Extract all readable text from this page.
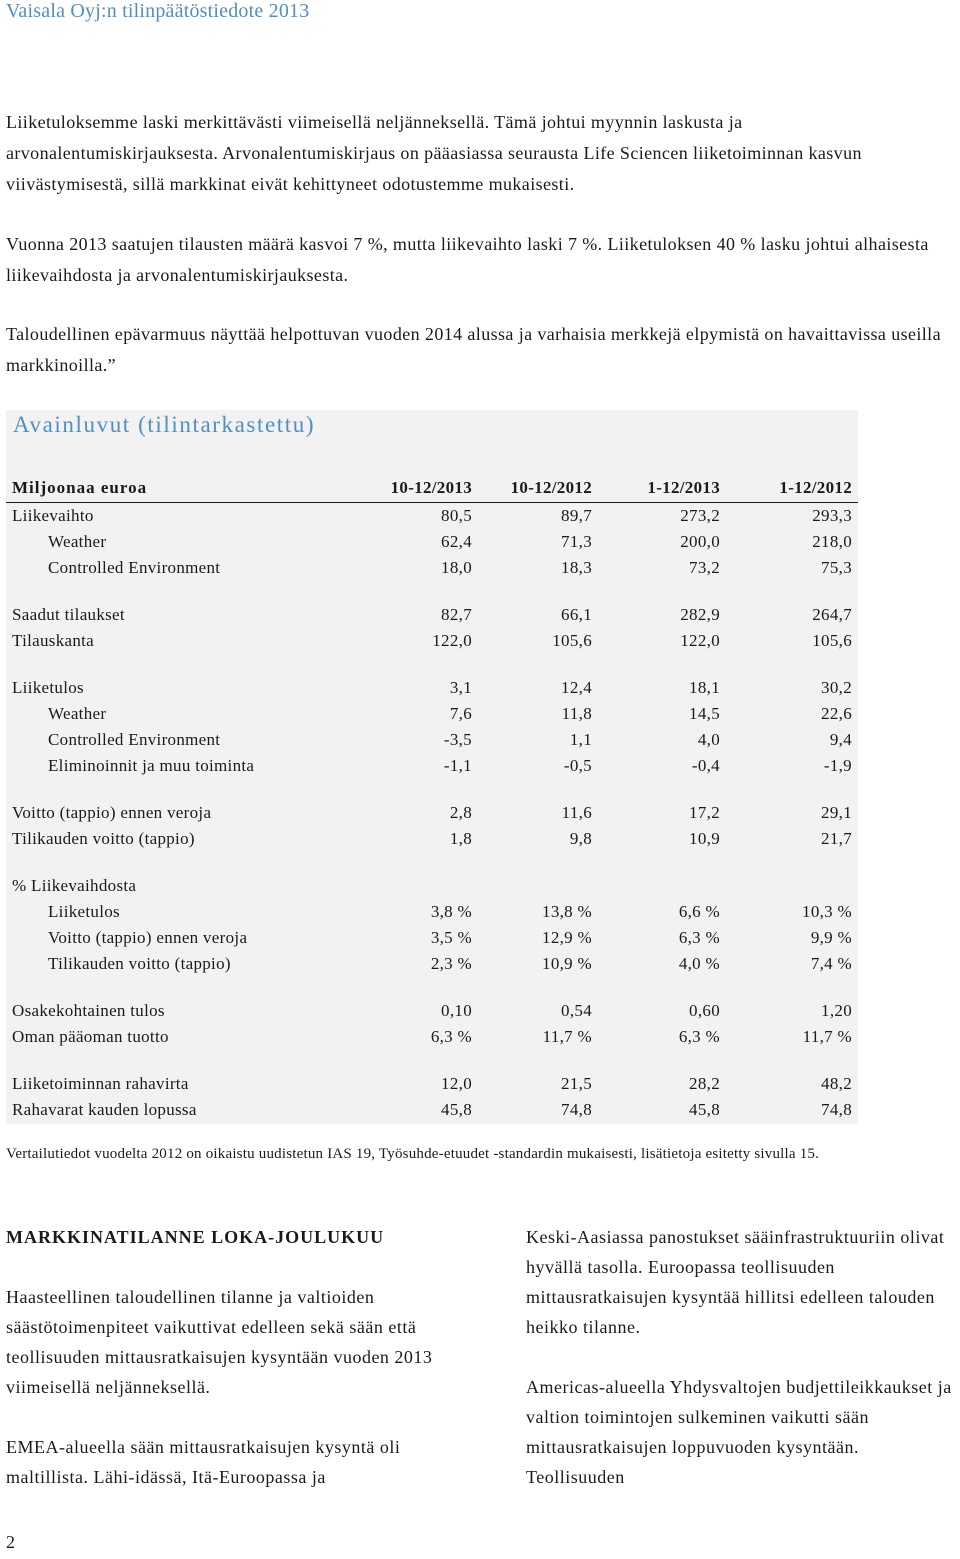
Vaisala Oyj:n tilinpäätöstiedote 2013

Liiketuloksemme laski merkittävästi viimeisellä neljänneksellä. Tämä johtui myynnin laskusta ja arvonalentumiskirjauksesta. Arvonalentumiskirjaus on pääasiassa seurausta Life Sciencen liiketoiminnan kasvun viivästymisestä, sillä markkinat eivät kehittyneet odotustemme mukaisesti.

Vuonna 2013 saatujen tilausten määrä kasvoi 7 %, mutta liikevaihto laski 7 %. Liiketuloksen 40 % lasku johtui alhaisesta liikevaihdosta ja arvonalentumiskirjauksesta.

Taloudellinen epävarmuus näyttää helpottuvan vuoden 2014 alussa ja varhaisia merkkejä elpymistä on havaittavissa useilla markkinoilla.”

Avainluvut (tilintarkastettu)
Miljoonaa euroa	10-12/2013	10-12/2012	1-12/2013	1-12/2012
Liikevaihto	80,5	89,7	273,2	293,3
Weather	62,4	71,3	200,0	218,0
Controlled Environment	18,0	18,3	73,2	75,3

Saadut tilaukset	82,7	66,1	282,9	264,7
Tilauskanta	122,0	105,6	122,0	105,6

Liiketulos	3,1	12,4	18,1	30,2
Weather	7,6	11,8	14,5	22,6
Controlled Environment	-3,5	1,1	4,0	9,4
Eliminoinnit ja muu toiminta	-1,1	-0,5	-0,4	-1,9

Voitto (tappio) ennen veroja	2,8	11,6	17,2	29,1
Tilikauden voitto (tappio)	1,8	9,8	10,9	21,7

% Liikevaihdosta				
Liiketulos	3,8 %	13,8 %	6,6 %	10,3 %
Voitto (tappio) ennen veroja	3,5 %	12,9 %	6,3 %	9,9 %
Tilikauden voitto (tappio)	2,3 %	10,9 %	4,0 %	7,4 %

Osakekohtainen tulos	0,10	0,54	0,60	1,20
Oman pääoman tuotto	6,3 %	11,7 %	6,3 %	11,7 %

Liiketoiminnan rahavirta	12,0	21,5	28,2	48,2
Rahavarat kauden lopussa	45,8	74,8	45,8	74,8
Vertailutiedot vuodelta 2012 on oikaistu uudistetun IAS 19, Työsuhde-etuudet -standardin mukaisesti, lisätietoja esitetty sivulla 15.

MARKKINATILANNE LOKA-JOULUKUU

Haasteellinen taloudellinen tilanne ja valtioiden säästötoimenpiteet vaikuttivat edelleen sekä sään että teollisuuden mittausratkaisujen kysyntään vuoden 2013 viimeisellä neljänneksellä.

EMEA-alueella sään mittausratkaisujen kysyntä oli maltillista. Lähi-idässä, Itä-Euroopassa ja

Keski-Aasiassa panostukset sääinfrastruktuuriin olivat hyvällä tasolla. Euroopassa teollisuuden mittausratkaisujen kysyntää hillitsi edelleen talouden heikko tilanne.

Americas-alueella Yhdysvaltojen budjettileikkaukset ja valtion toimintojen sulkeminen vaikutti sään mittausratkaisujen loppuvuoden kysyntään. Teollisuuden

2
